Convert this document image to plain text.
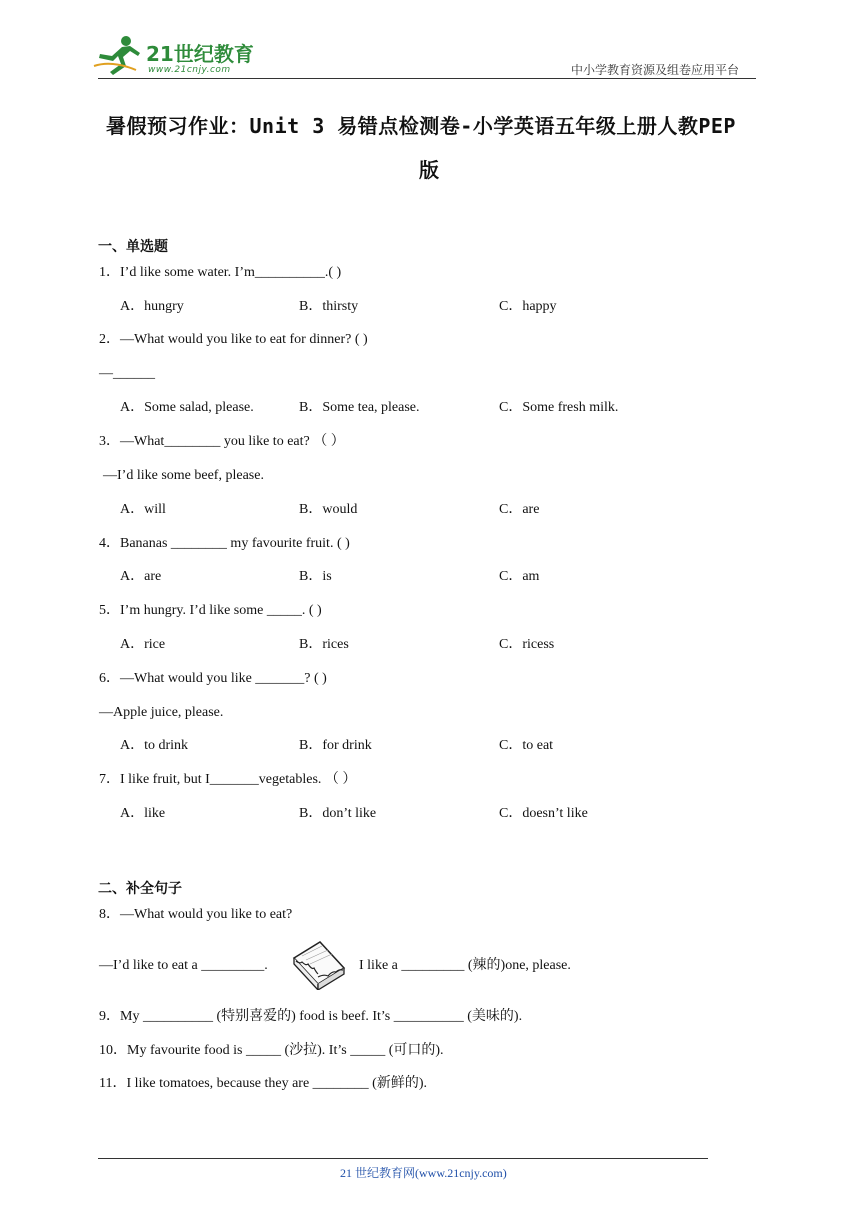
21世纪教育
www.21cnjy.com	中小学教育资源及组卷应用平台
暑假预习作业：Unit 3 易错点检测卷-小学英语五年级上册人教PEP
版
一、单选题
1．I’d like some water. I’m__________.( )
A．hungry	B．thirsty	C．happy
2．—What would you like to eat for dinner? ( )
—______
A．Some salad, please.	B．Some tea, please.	C．Some fresh milk.
3．—What________ you like to eat? （ ）
—I’d like some beef, please.
A．will	B．would	C．are
4．Bananas ________ my favourite fruit. ( )
A．are	B．is	C．am
5．I’m hungry. I’d like some _____. ( )
A．rice	B．rices	C．ricess
6．—What would you like _______? ( )
—Apple juice, please.
A．to drink	B．for drink	C．to eat
7．I like fruit, but I_______vegetables. （ ）
A．like	B．don’t like	C．doesn’t like
二、补全句子
8．—What would you like to eat?
—I’d like to eat a _________.	I like a _________ (辣的)one, please.
9．My __________ (特别喜爱的) food is beef. It’s __________ (美味的).
10．My favourite food is _____ (沙拉). It’s _____ (可口的).
11．I like tomatoes, because they are ________ (新鲜的).
21 世纪教育网(www.21cnjy.com)
